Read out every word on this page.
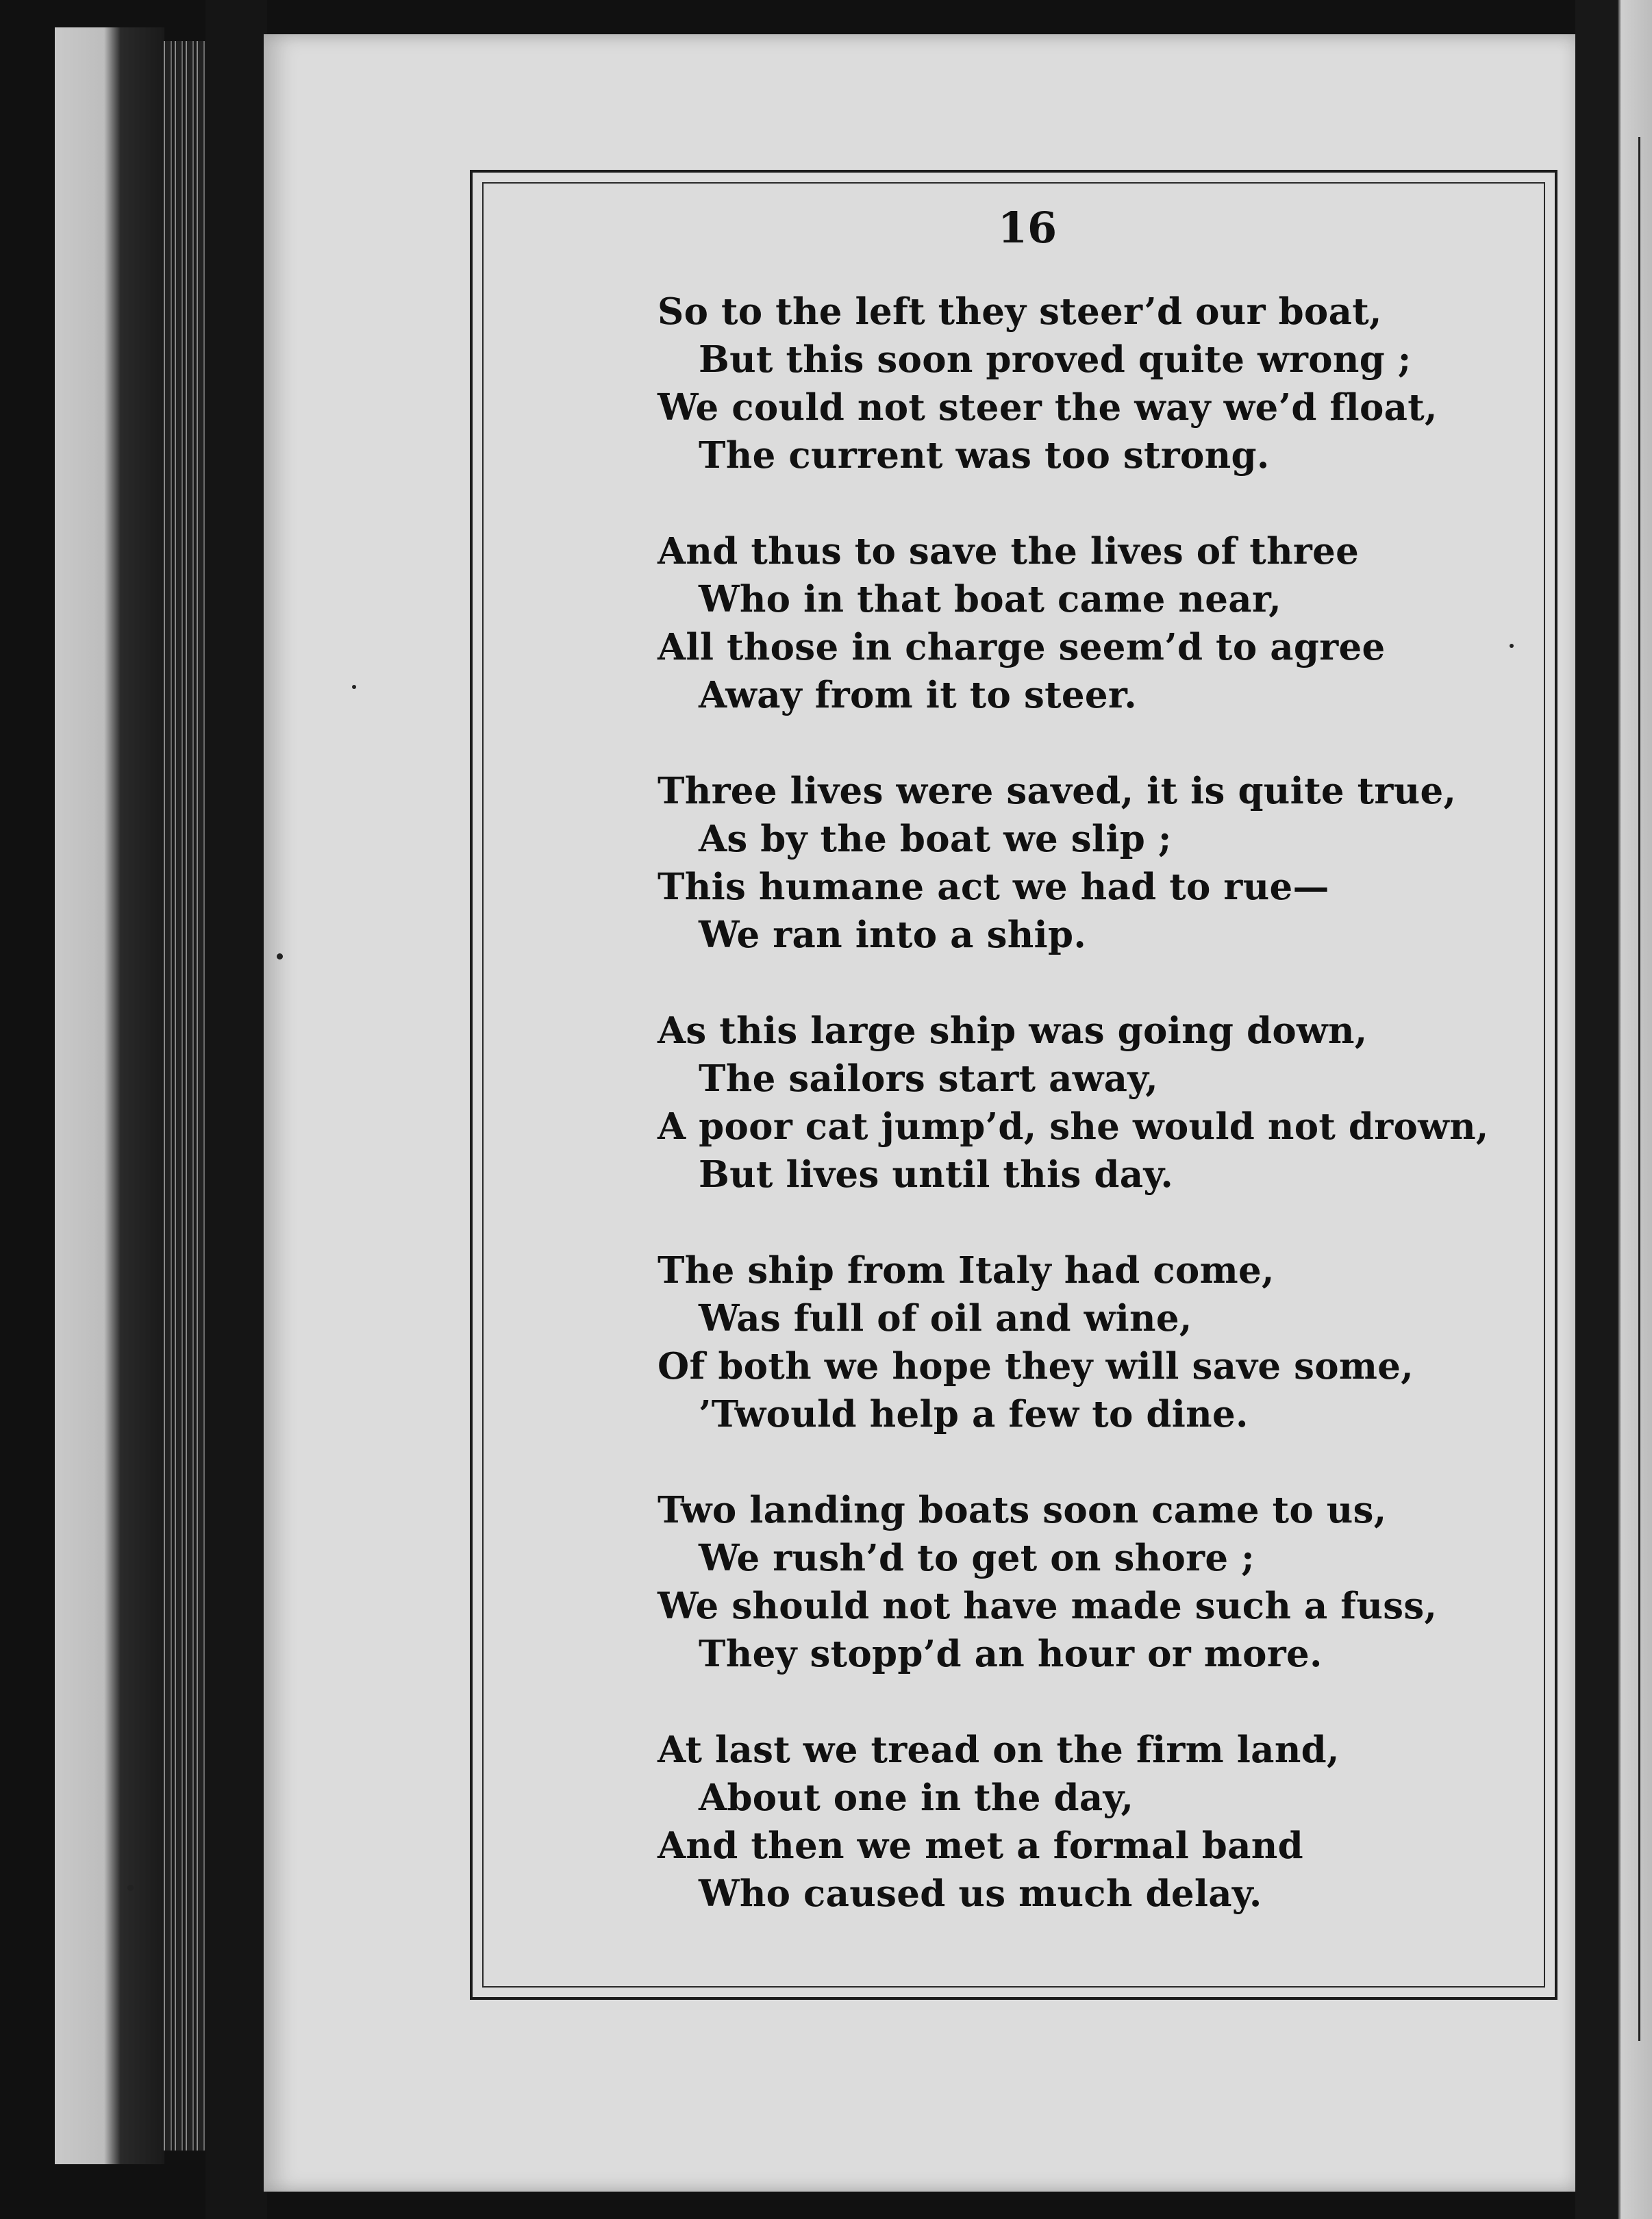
16
So to the left they steer’d our boat,
But this soon proved quite wrong ;
We could not steer the way we’d float,
The current was too strong.
And thus to save the lives of three
Who in that boat came near,
All those in charge seem’d to agree
Away from it to steer.
Three lives were saved, it is quite true,
As by the boat we slip ;
This humane act we had to rue—
We ran into a ship.
As this large ship was going down,
The sailors start away,
A poor cat jump’d, she would not drown,
But lives until this day.
The ship from Italy had come,
Was full of oil and wine,
Of both we hope they will save some,
’Twould help a few to dine.
Two landing boats soon came to us,
We rush’d to get on shore ;
We should not have made such a fuss,
They stopp’d an hour or more.
At last we tread on the firm land,
About one in the day,
And then we met a formal band
Who caused us much delay.
